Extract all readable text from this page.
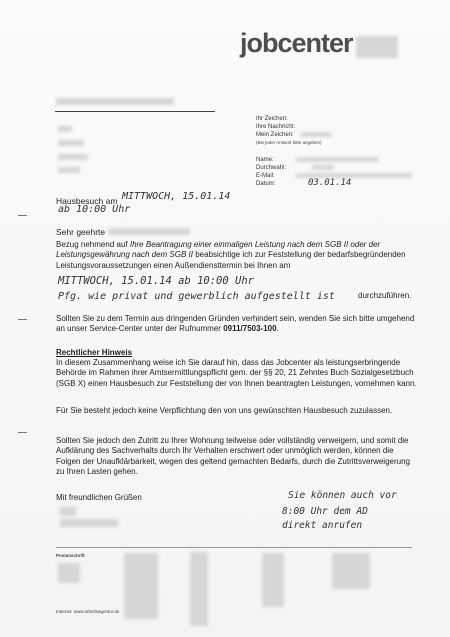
jobcenter
Ihr Zeichen:
Ihre Nachricht:
Mein Zeichen:
(Bei jeder Antwort bitte angeben)
Name:
Durchwahl:
E-Mail:
Datum:	03.01.14
Hausbesuch am MITTWOCH, 15.01.14
ab 10:00 Uhr
Sehr geehrte
Bezug nehmend auf Ihre Beantragung einer einmaligen Leistung nach dem SGB II oder der Leistungsgewährung nach dem SGB II beabsichtige ich zur Feststellung der bedarfsbegründenden Leistungsvoraussetzungen einen Außendiensttermin bei Ihnen am
MITTWOCH, 15.01.14 ab 10:00 Uhr
Pfg. wie privat und gewerblich aufgestellt ist	durchzuführen.
Sollten Sie zu dem Termin aus dringenden Gründen verhindert sein, wenden Sie sich bitte umgehend an unser Service-Center unter der Rufnummer 0911/7503-100.
Rechtlicher Hinweis
In diesem Zusammenhang weise ich Sie darauf hin, dass das Jobcenter als leistungserbringende Behörde im Rahmen ihrer Amtsermittlungspflicht gem. der §§ 20, 21 Zehntes Buch Sozialgesetzbuch (SGB X) einen Hausbesuch zur Feststellung der von Ihnen beantragten Leistungen, vornehmen kann.
Für Sie besteht jedoch keine Verpflichtung den von uns gewünschten Hausbesuch zuzulassen.
Sollten Sie jedoch den Zutritt zu Ihrer Wohnung teilweise oder vollständig verweigern, und somit die Aufklärung des Sachverhalts durch Ihr Verhalten erschwert oder unmöglich werden, können die Folgen der Unaufklärbarkeit, wegen des geltend gemachten Bedarfs, durch die Zutrittsverweigerung zu Ihren Lasten gehen.
Mit freundlichen Grüßen	Sie können auch vor
8:00 Uhr dem AD
direkt anrufen
Postanschrift
Internet: www.arbeitsagentur.de
